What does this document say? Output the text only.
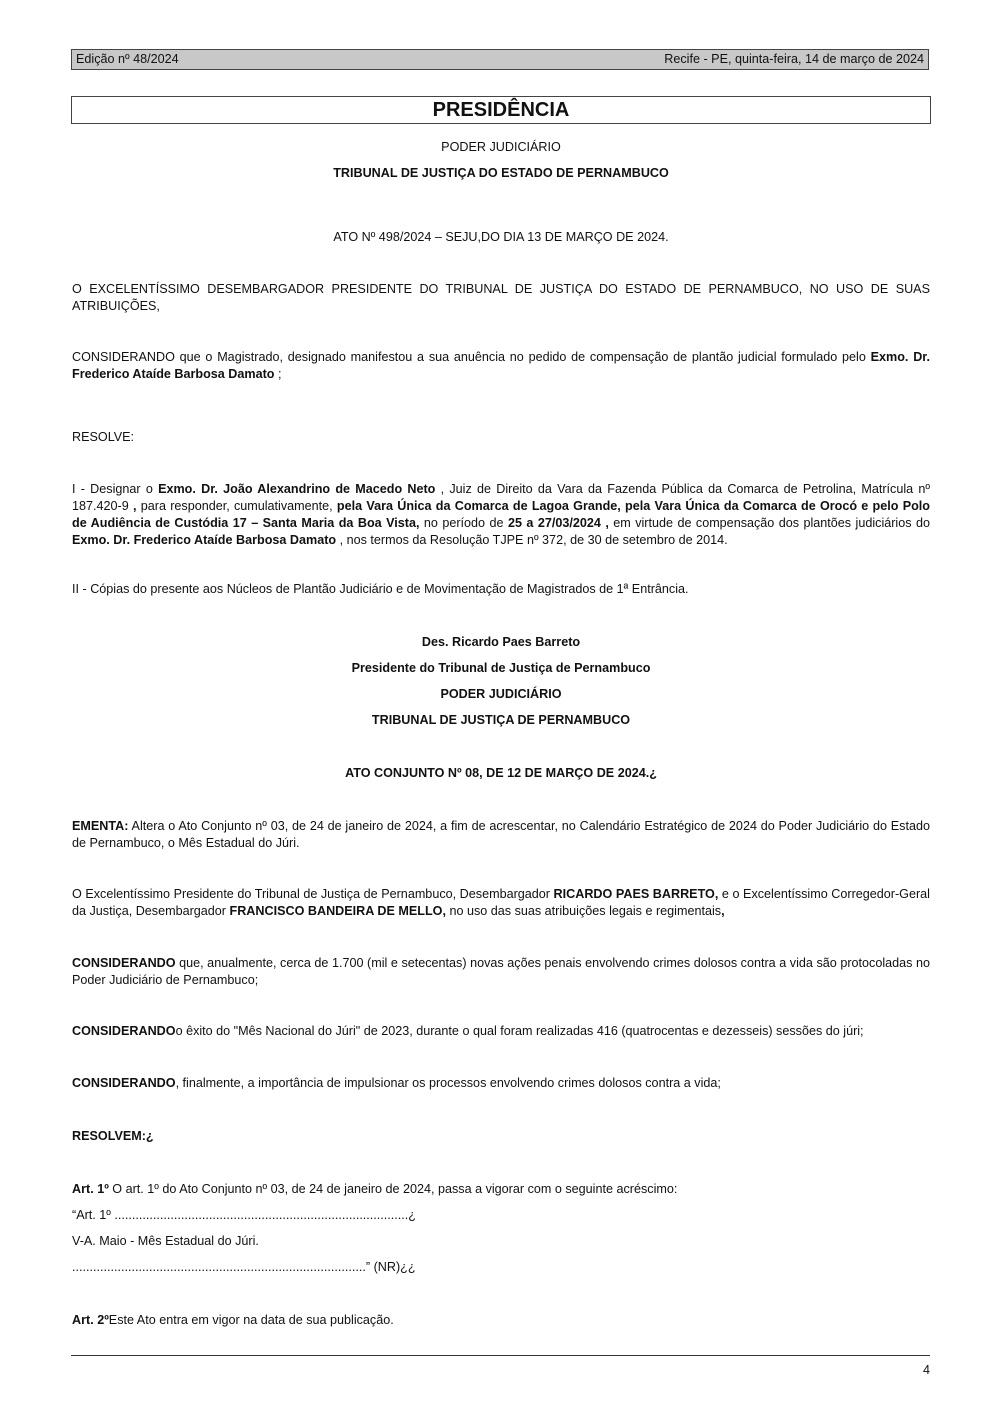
Edição nº 48/2024	Recife - PE, quinta-feira, 14 de março de 2024
PRESIDÊNCIA

PODER JUDICIÁRIO

TRIBUNAL DE JUSTIÇA DO ESTADO DE PERNAMBUCO

ATO Nº 498/2024 – SEJU,DO DIA 13 DE MARÇO DE 2024.

O EXCELENTÍSSIMO DESEMBARGADOR PRESIDENTE DO TRIBUNAL DE JUSTIÇA DO ESTADO DE PERNAMBUCO, NO USO DE SUAS ATRIBUIÇÕES,

CONSIDERANDO que o Magistrado, designado manifestou a sua anuência no pedido de compensação de plantão judicial formulado pelo Exmo. Dr. Frederico Ataíde Barbosa Damato ;

RESOLVE:

I - Designar o Exmo. Dr. João Alexandrino de Macedo Neto , Juiz de Direito da Vara da Fazenda Pública da Comarca de Petrolina, Matrícula nº 187.420-9 , para responder, cumulativamente, pela Vara Única da Comarca de Lagoa Grande, pela Vara Única da Comarca de Orocó e pelo Polo de Audiência de Custódia 17 – Santa Maria da Boa Vista, no período de 25 a 27/03/2024 , em virtude de compensação dos plantões judiciários do Exmo. Dr. Frederico Ataíde Barbosa Damato , nos termos da Resolução TJPE nº 372, de 30 de setembro de 2014.

II - Cópias do presente aos Núcleos de Plantão Judiciário e de Movimentação de Magistrados de 1ª Entrância.

Des. Ricardo Paes Barreto

Presidente do Tribunal de Justiça de Pernambuco

PODER JUDICIÁRIO

TRIBUNAL DE JUSTIÇA DE PERNAMBUCO

ATO CONJUNTO Nº 08, DE 12 DE MARÇO DE 2024.¿

EMENTA: Altera o Ato Conjunto nº 03, de 24 de janeiro de 2024, a fim de acrescentar, no Calendário Estratégico de 2024 do Poder Judiciário do Estado de Pernambuco, o Mês Estadual do Júri.

O Excelentíssimo Presidente do Tribunal de Justiça de Pernambuco, Desembargador RICARDO PAES BARRETO, e o Excelentíssimo Corregedor-Geral da Justiça, Desembargador FRANCISCO BANDEIRA DE MELLO, no uso das suas atribuições legais e regimentais,

CONSIDERANDO que, anualmente, cerca de 1.700 (mil e setecentas) novas ações penais envolvendo crimes dolosos contra a vida são protocoladas no Poder Judiciário de Pernambuco;

CONSIDERANDOo êxito do "Mês Nacional do Júri" de 2023, durante o qual foram realizadas 416 (quatrocentas e dezesseis) sessões do júri;

CONSIDERANDO, finalmente, a importância de impulsionar os processos envolvendo crimes dolosos contra a vida;

RESOLVEM:¿

Art. 1º O art. 1º do Ato Conjunto nº 03, de 24 de janeiro de 2024, passa a vigorar com o seguinte acréscimo:

“Art. 1º ....................................................................................¿

V-A. Maio - Mês Estadual do Júri.

....................................................................................” (NR)¿¿

Art. 2ºEste Ato entra em vigor na data de sua publicação.

4
